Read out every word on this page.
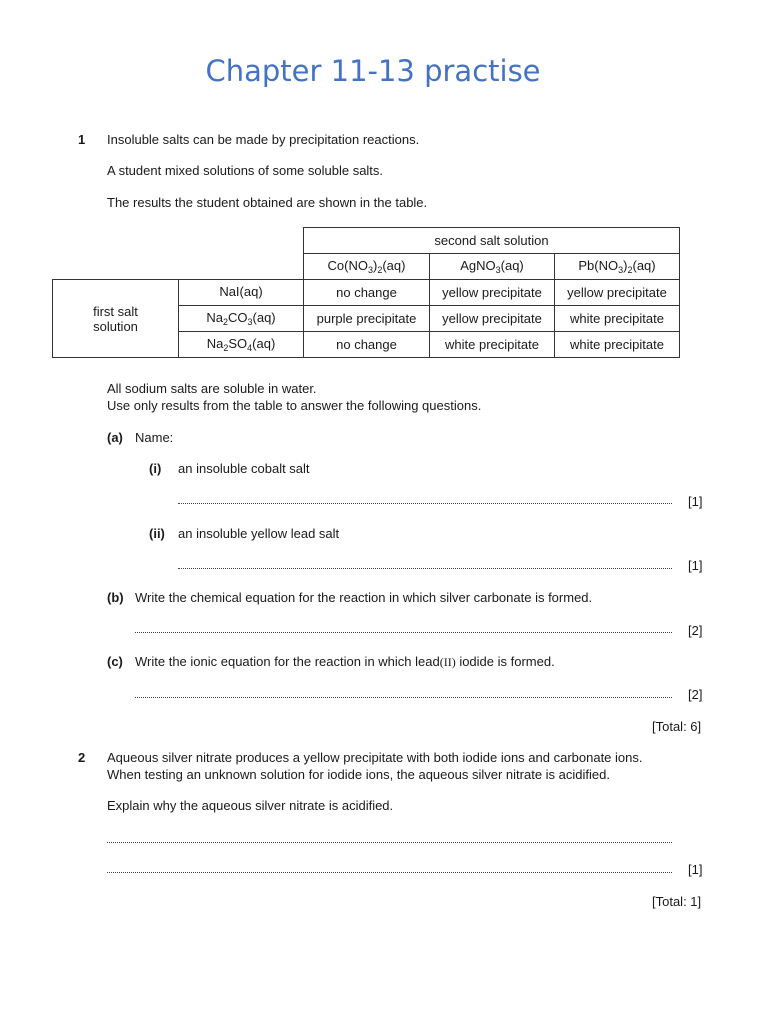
Chapter 11-13 practise
1 Insoluble salts can be made by precipitation reactions.
A student mixed solutions of some soluble salts.
The results the student obtained are shown in the table.
		second salt solution		
		$Co(NO_3)_2(aq)$	AgNO$_3$(aq)	$Pb(NO_3)_2(aq)$
first salt
solution	NaI(aq)	no change	yellow precipitate	yellow precipitate
	$Na_2CO_3(aq)$	purple precipitate	yellow precipitate	white precipitate
	$Na_2SO_4(aq)$	no change	white precipitate	white precipitate
All sodium salts are soluble in water.
Use only results from the table to answer the following questions.
(a) Name:
(i) an insoluble cobalt salt
[1]
(ii) an insoluble yellow lead salt
[1]
(b) Write the chemical equation for the reaction in which silver carbonate is formed.
[2]
(c) Write the ionic equation for the reaction in which lead(II) iodide is formed.
[2]
[Total: 6]
2 Aqueous silver nitrate produces a yellow precipitate with both iodide ions and carbonate ions.
When testing an unknown solution for iodide ions, the aqueous silver nitrate is acidified.
Explain why the aqueous silver nitrate is acidified.
[1]
[Total: 1]
